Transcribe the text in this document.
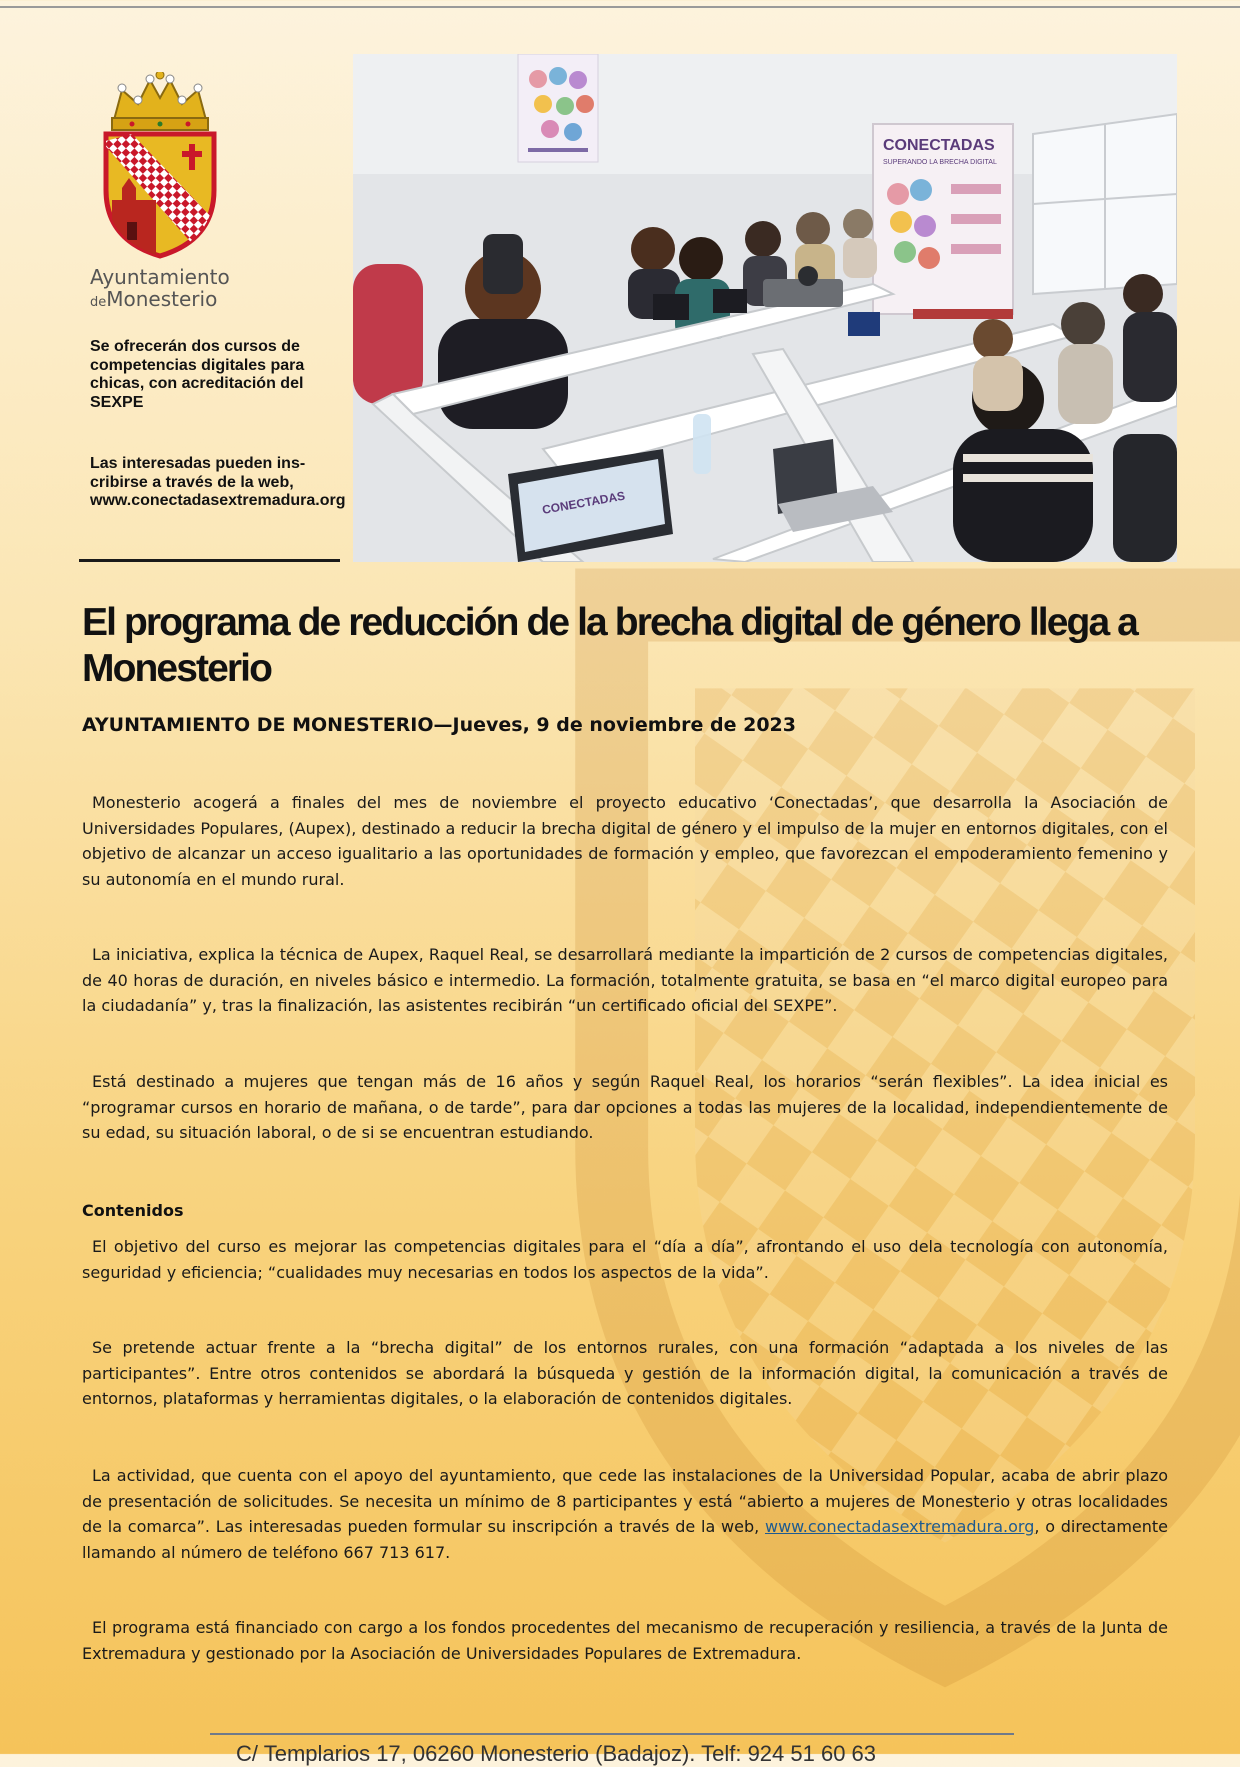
Ayuntamiento
deMonesterio
Se ofrecerán dos cursos de competencias digitales para chicas, con acreditación del SEXPE
Las interesadas pueden ins-cribirse a través de la web, www.conectadasextremadura.org
CONECTADAS
SUPERANDO LA BRECHA DIGITAL
CONECTADAS
El programa de reducción de la brecha digital de género llega a Monesterio
AYUNTAMIENTO DE MONESTERIO—Jueves, 9 de noviembre de 2023

Monesterio acogerá a finales del mes de noviembre el proyecto educativo ‘Conectadas’, que desarrolla la Asociación de Universidades Populares, (Aupex), destinado a reducir la brecha digital de género y el impulso de la mujer en entornos digitales, con el objetivo de alcanzar un acceso igualitario a las oportunidades de formación y empleo, que favorezcan el empoderamiento femenino y su autonomía en el mundo rural.

La iniciativa, explica la técnica de Aupex, Raquel Real, se desarrollará mediante la impartición de 2 cursos de competencias digitales, de 40 horas de duración, en niveles básico e intermedio. La formación, totalmente gratuita, se basa en “el marco digital europeo para la ciudadanía” y, tras la finalización, las asistentes recibirán “un certificado oficial del SEXPE”.

Está destinado a mujeres que tengan más de 16 años y según Raquel Real, los horarios “serán flexibles”. La idea inicial es “programar cursos en horario de mañana, o de tarde”, para dar opciones a todas las mujeres de la localidad, independientemente de su edad, su situación laboral, o de si se encuentran estudiando.

Contenidos

El objetivo del curso es mejorar las competencias digitales para el “día a día”, afrontando el uso dela tecnología con autonomía, seguridad y eficiencia; “cualidades muy necesarias en todos los aspectos de la vida”.

Se pretende actuar frente a la “brecha digital” de los entornos rurales, con una formación “adaptada a los niveles de las participantes”. Entre otros contenidos se abordará la búsqueda y gestión de la información digital, la comunicación a través de entornos, plataformas y herramientas digitales, o la elaboración de contenidos digitales.

La actividad, que cuenta con el apoyo del ayuntamiento, que cede las instalaciones de la Universidad Popular, acaba de abrir plazo de presentación de solicitudes. Se necesita un mínimo de 8 participantes y está “abierto a mujeres de Monesterio y otras localidades de la comarca”. Las interesadas pueden formular su inscripción a través de la web, www.conectadasextremadura.org, o directamente llamando al número de teléfono 667 713 617.

El programa está financiado con cargo a los fondos procedentes del mecanismo de recuperación y resiliencia, a través de la Junta de Extremadura y gestionado por la Asociación de Universidades Populares de Extremadura.

C/ Templarios 17, 06260 Monesterio (Badajoz). Telf: 924 51 60 63
